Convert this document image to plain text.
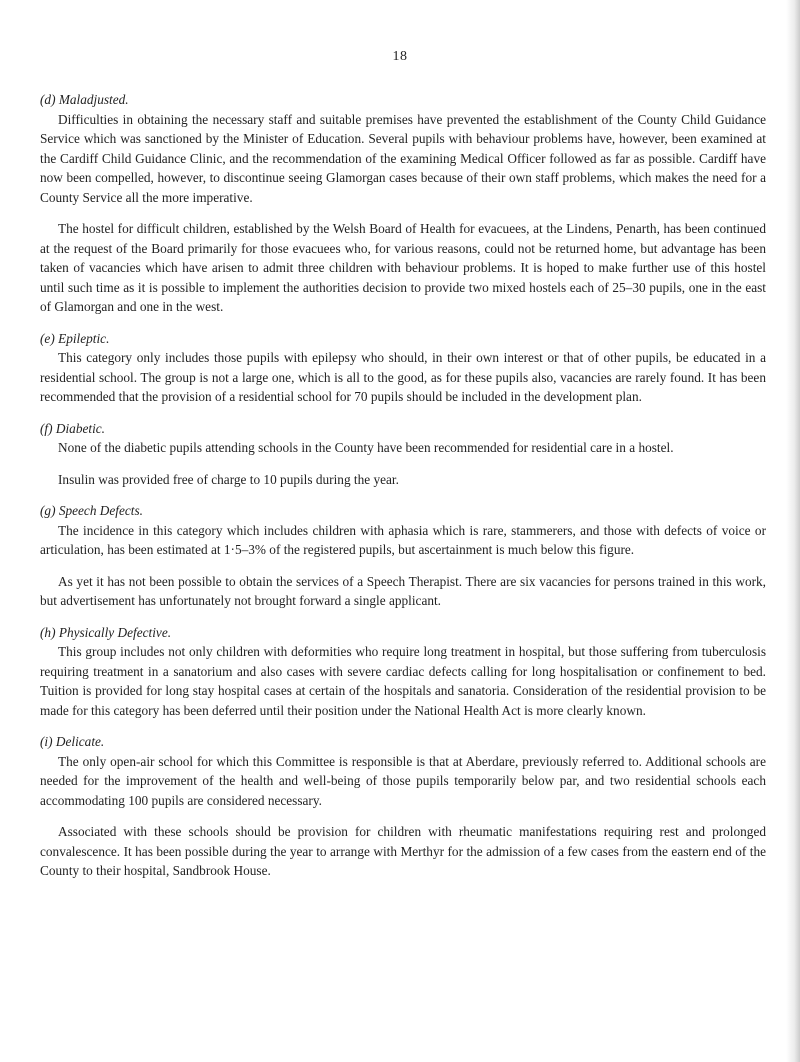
18

(d) Maladjusted.

Difficulties in obtaining the necessary staff and suitable premises have prevented the establishment of the County Child Guidance Service which was sanctioned by the Minister of Education. Several pupils with behaviour problems have, however, been examined at the Cardiff Child Guidance Clinic, and the recommendation of the examining Medical Officer followed as far as possible. Cardiff have now been compelled, however, to discontinue seeing Glamorgan cases because of their own staff problems, which makes the need for a County Service all the more imperative.

The hostel for difficult children, established by the Welsh Board of Health for evacuees, at the Lindens, Penarth, has been continued at the request of the Board primarily for those evacuees who, for various reasons, could not be returned home, but advantage has been taken of vacancies which have arisen to admit three children with behaviour problems. It is hoped to make further use of this hostel until such time as it is possible to implement the authorities decision to provide two mixed hostels each of 25–30 pupils, one in the east of Glamorgan and one in the west.

(e) Epileptic.

This category only includes those pupils with epilepsy who should, in their own interest or that of other pupils, be educated in a residential school. The group is not a large one, which is all to the good, as for these pupils also, vacancies are rarely found. It has been recommended that the provision of a residential school for 70 pupils should be included in the development plan.

(f) Diabetic.

None of the diabetic pupils attending schools in the County have been recommended for residential care in a hostel.

Insulin was provided free of charge to 10 pupils during the year.

(g) Speech Defects.

The incidence in this category which includes children with aphasia which is rare, stammerers, and those with defects of voice or articulation, has been estimated at 1·5–3% of the registered pupils, but ascertainment is much below this figure.

As yet it has not been possible to obtain the services of a Speech Therapist. There are six vacancies for persons trained in this work, but advertisement has unfortunately not brought forward a single applicant.

(h) Physically Defective.

This group includes not only children with deformities who require long treatment in hospital, but those suffering from tuberculosis requiring treatment in a sanatorium and also cases with severe cardiac defects calling for long hospitalisation or confinement to bed. Tuition is provided for long stay hospital cases at certain of the hospitals and sanatoria. Consideration of the residential provision to be made for this category has been deferred until their position under the National Health Act is more clearly known.

(i) Delicate.

The only open-air school for which this Committee is responsible is that at Aberdare, previously referred to. Additional schools are needed for the improvement of the health and well-being of those pupils temporarily below par, and two residential schools each accommodating 100 pupils are considered necessary.

Associated with these schools should be provision for children with rheumatic manifestations requiring rest and prolonged convalescence. It has been possible during the year to arrange with Merthyr for the admission of a few cases from the eastern end of the County to their hospital, Sandbrook House.
